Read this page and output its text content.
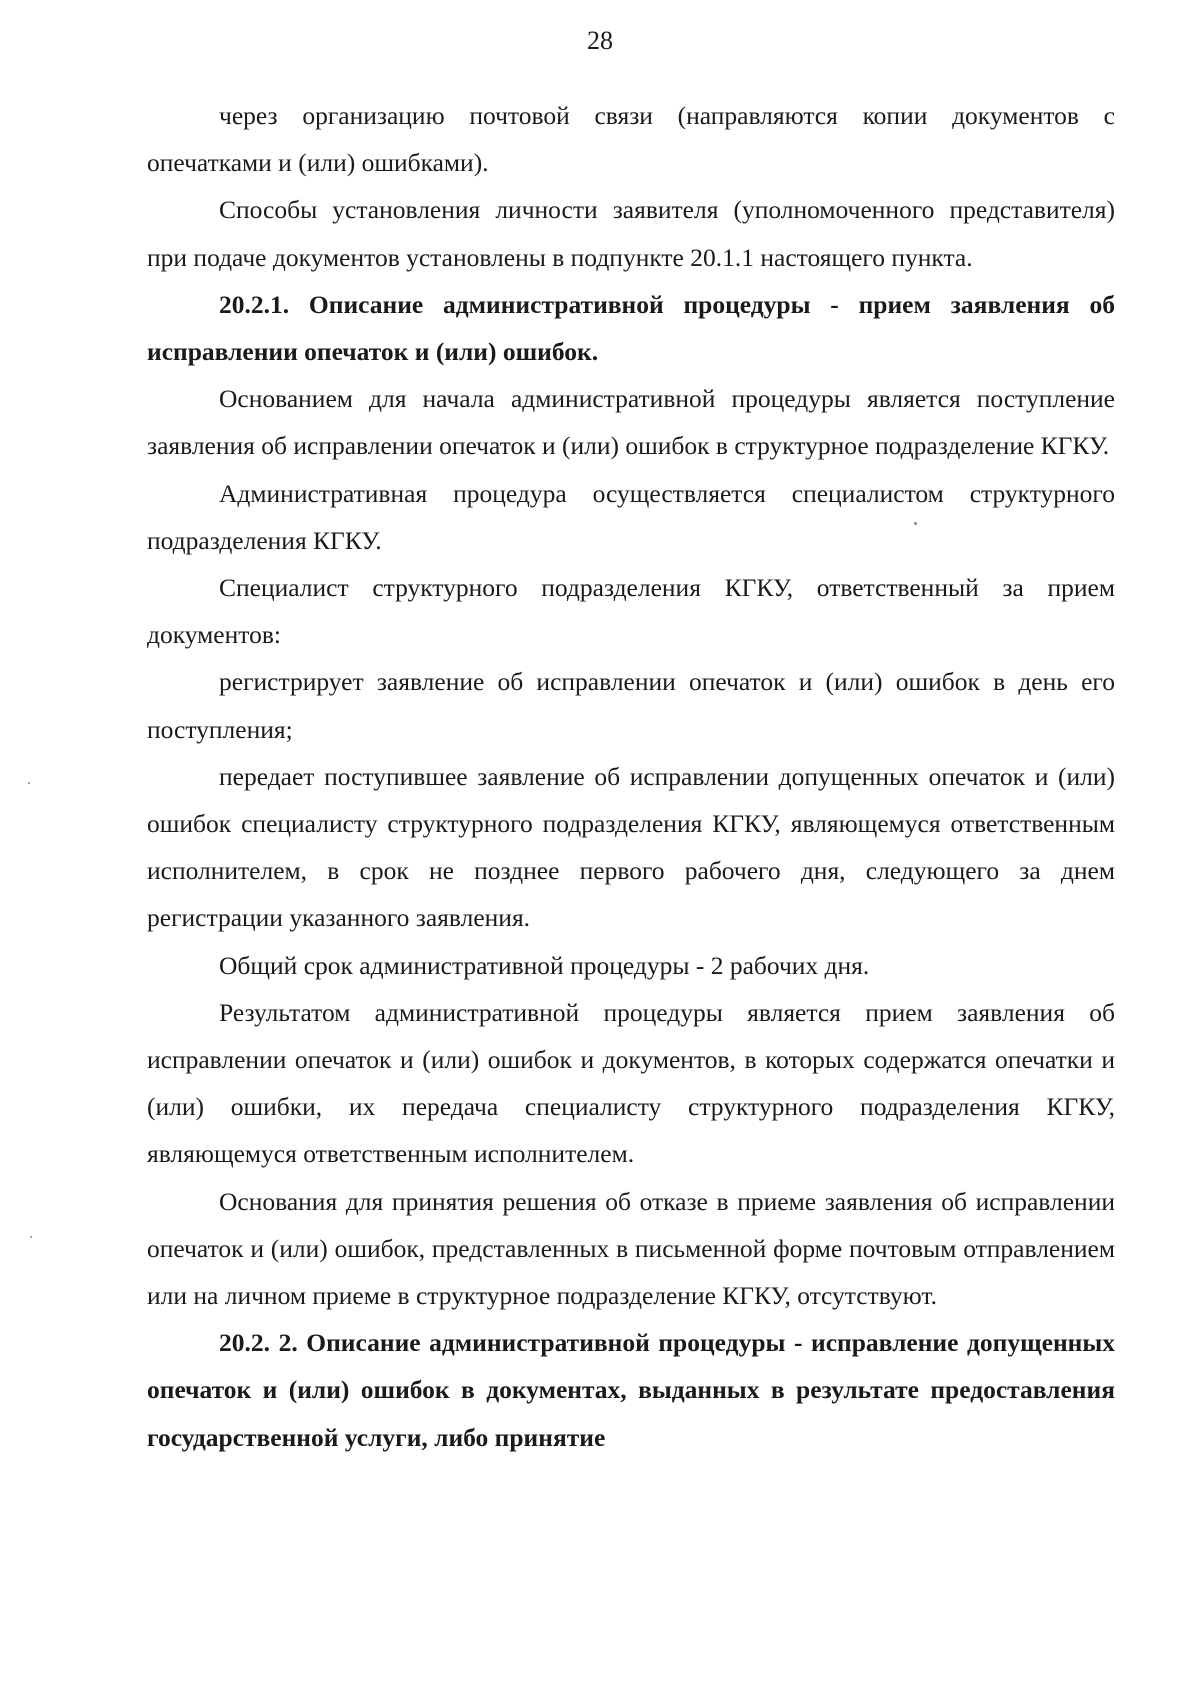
28

через организацию почтовой связи (направляются копии документов с опечатками и (или) ошибками).

Способы установления личности заявителя (уполномоченного представителя) при подаче документов установлены в подпункте 20.1.1 настоящего пункта.

20.2.1. Описание административной процедуры - прием заявления об исправлении опечаток и (или) ошибок.

Основанием для начала административной процедуры является поступление заявления об исправлении опечаток и (или) ошибок в структурное подразделение КГКУ.

Административная процедура осуществляется специалистом структурного подразделения КГКУ.

Специалист структурного подразделения КГКУ, ответственный за прием документов:

регистрирует заявление об исправлении опечаток и (или) ошибок в день его поступления;

передает поступившее заявление об исправлении допущенных опечаток и (или) ошибок специалисту структурного подразделения КГКУ, являющемуся ответственным исполнителем, в срок не позднее первого рабочего дня, следующего за днем регистрации указанного заявления.

Общий срок административной процедуры - 2 рабочих дня.

Результатом административной процедуры является прием заявления об исправлении опечаток и (или) ошибок и документов, в которых содержатся опечатки и (или) ошибки, их передача специалисту структурного подразделения КГКУ, являющемуся ответственным исполнителем.

Основания для принятия решения об отказе в приеме заявления об исправлении опечаток и (или) ошибок, представленных в письменной форме почтовым отправлением или на личном приеме в структурное подразделение КГКУ, отсутствуют.

20.2. 2. Описание административной процедуры - исправление допущенных опечаток и (или) ошибок в документах, выданных в результате предоставления государственной услуги, либо принятие
